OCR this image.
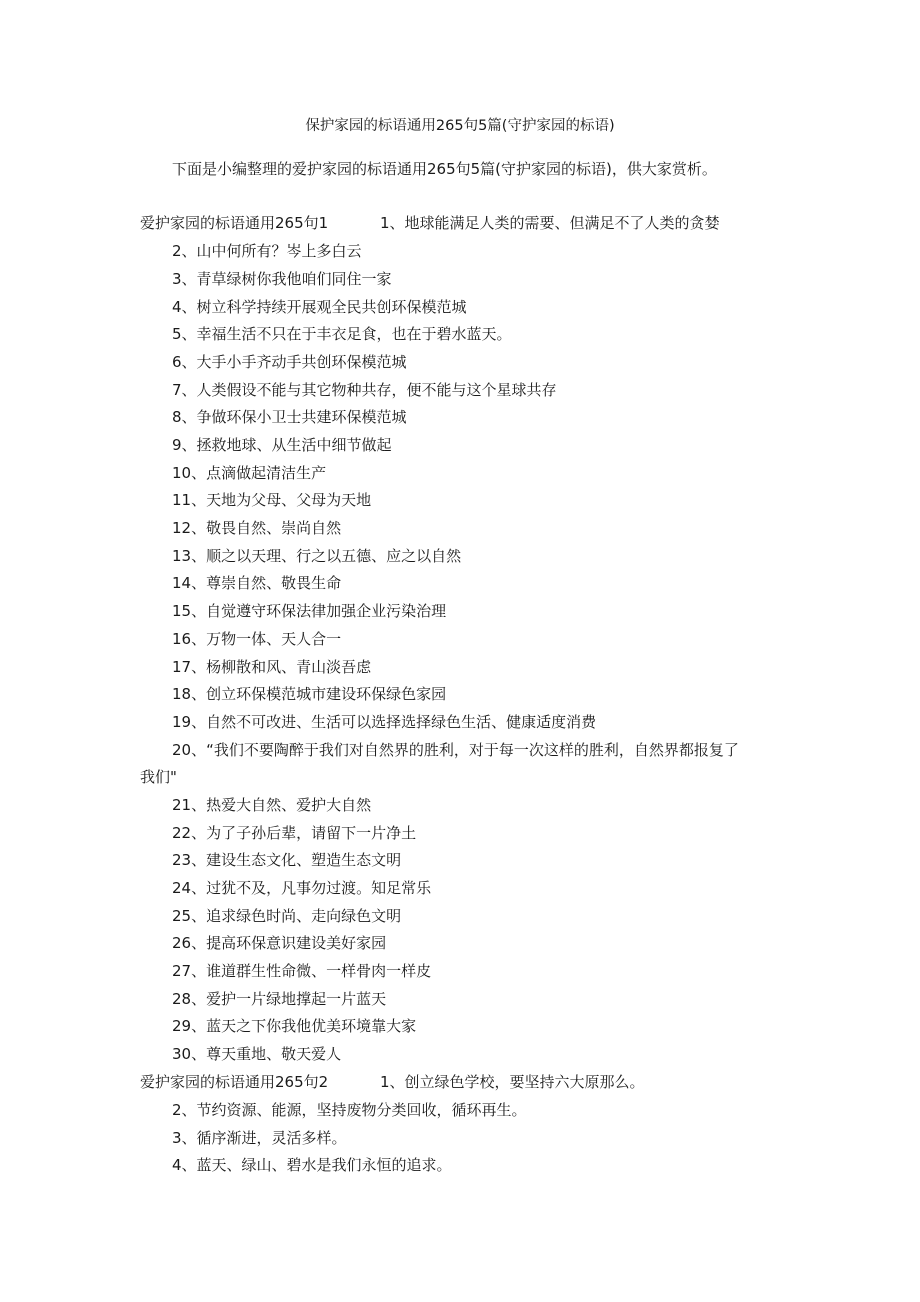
保护家园的标语通用265句5篇(守护家园的标语)
下面是小编整理的爱护家园的标语通用265句5篇(守护家园的标语)，供大家赏析。
爱护家园的标语通用265句1	1、地球能满足人类的需要、但满足不了人类的贪婪
2、山中何所有？岑上多白云
3、青草绿树你我他咱们同住一家
4、树立科学持续开展观全民共创环保模范城
5、幸福生活不只在于丰衣足食，也在于碧水蓝天。
6、大手小手齐动手共创环保模范城
7、人类假设不能与其它物种共存，便不能与这个星球共存
8、争做环保小卫士共建环保模范城
9、拯救地球、从生活中细节做起
10、点滴做起清洁生产
11、天地为父母、父母为天地
12、敬畏自然、崇尚自然
13、顺之以天理、行之以五德、应之以自然
14、尊崇自然、敬畏生命
15、自觉遵守环保法律加强企业污染治理
16、万物一体、天人合一
17、杨柳散和风、青山淡吾虑
18、创立环保模范城市建设环保绿色家园
19、自然不可改进、生活可以选择选择绿色生活、健康适度消费
20、“我们不要陶醉于我们对自然界的胜利，对于每一次这样的胜利，自然界都报复了
我们"
21、热爱大自然、爱护大自然
22、为了子孙后辈，请留下一片净土
23、建设生态文化、塑造生态文明
24、过犹不及，凡事勿过渡。知足常乐
25、追求绿色时尚、走向绿色文明
26、提高环保意识建设美好家园
27、谁道群生性命微、一样骨肉一样皮
28、爱护一片绿地撑起一片蓝天
29、蓝天之下你我他优美环境靠大家
30、尊天重地、敬天爱人
爱护家园的标语通用265句2	1、创立绿色学校，要坚持六大原那么。
2、节约资源、能源，坚持废物分类回收，循环再生。
3、循序渐进，灵活多样。
4、蓝天、绿山、碧水是我们永恒的追求。
